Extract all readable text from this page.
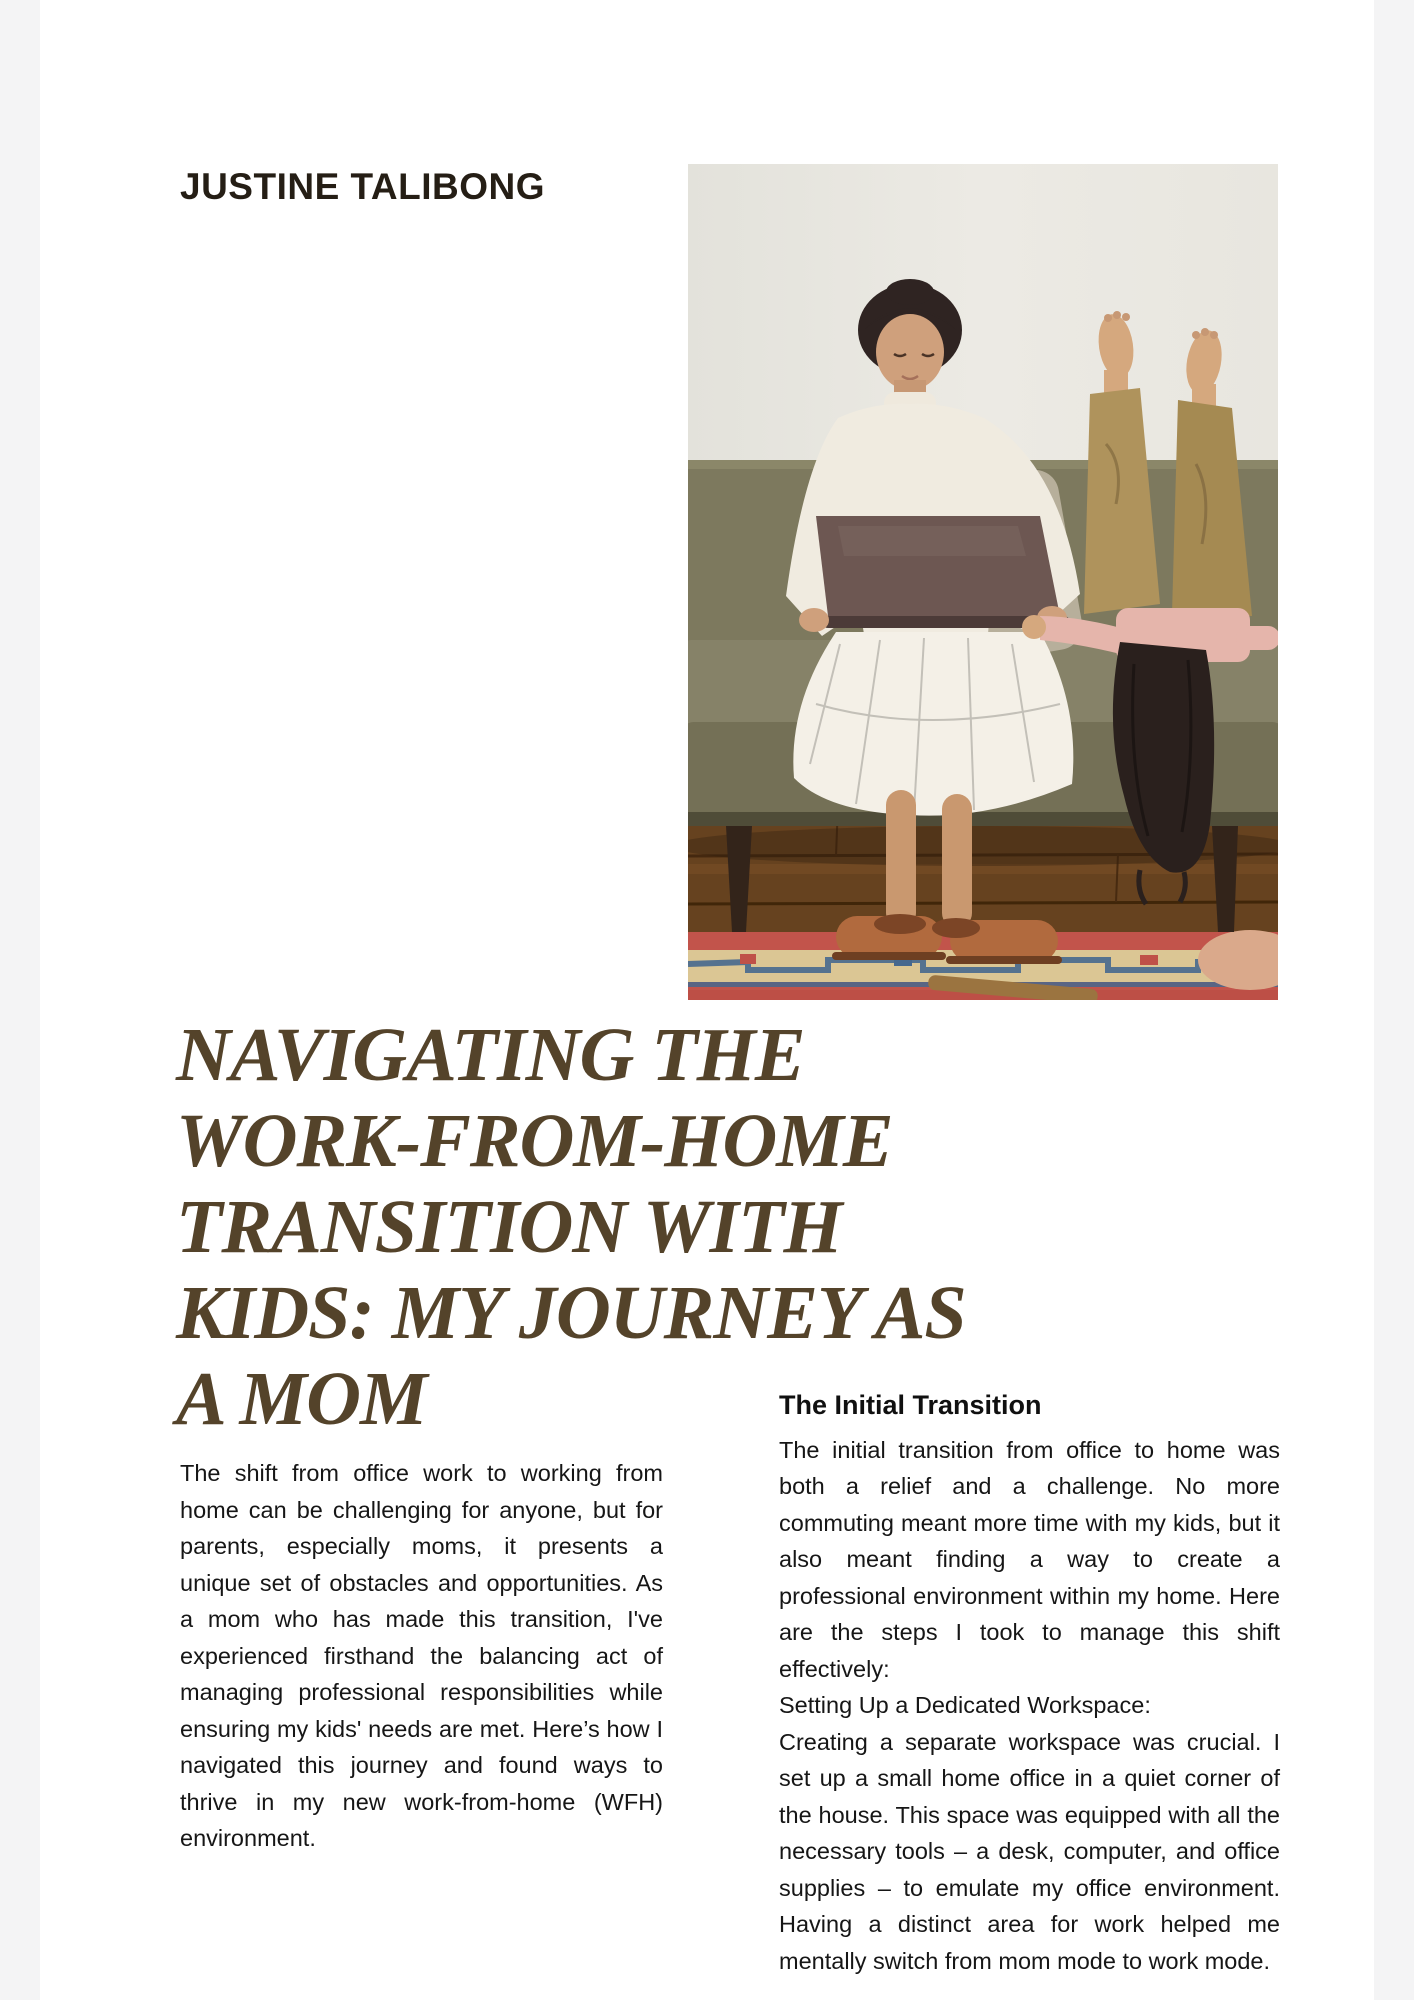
JUSTINE TALIBONG
NAVIGATING THE
WORK-FROM-HOME
TRANSITION WITH
KIDS: MY JOURNEY AS
A MOM

The shift from office work to working from home can be challenging for anyone, but for parents, especially moms, it presents a unique set of obstacles and opportunities. As a mom who has made this transition, I've experienced firsthand the balancing act of managing professional responsibilities while ensuring my kids' needs are met. Here’s how I navigated this journey and found ways to thrive in my new work-from-home (WFH) environment.

The Initial Transition

The initial transition from office to home was both a relief and a challenge. No more commuting meant more time with my kids, but it also meant finding a way to create a professional environment within my home. Here are the steps I took to manage this shift effectively:

Setting Up a Dedicated Workspace:

Creating a separate workspace was crucial. I set up a small home office in a quiet corner of the house. This space was equipped with all the necessary tools – a desk, computer, and office supplies – to emulate my office environment. Having a distinct area for work helped me mentally switch from mom mode to work mode.
